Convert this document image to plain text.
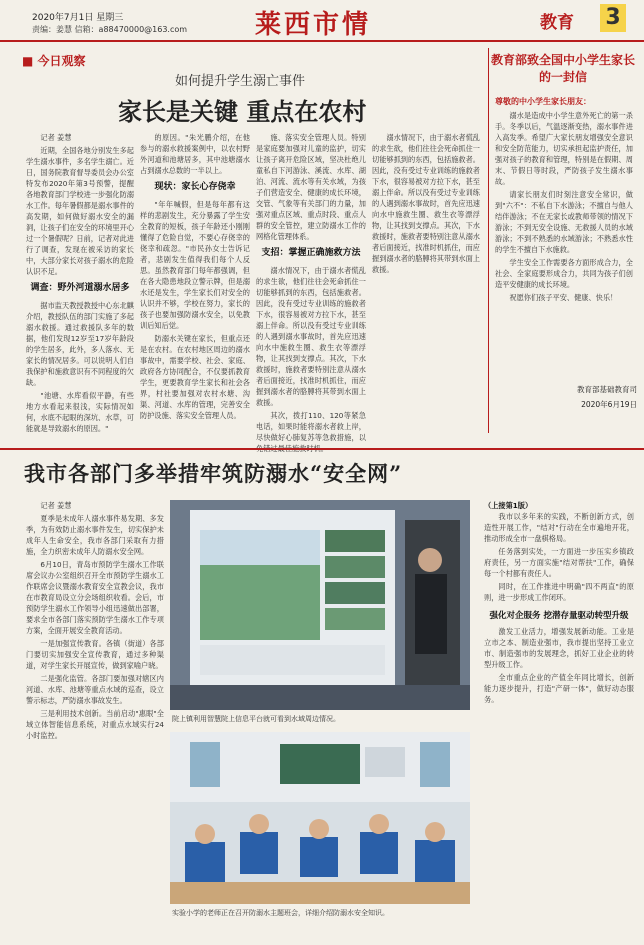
2020年7月1日 星期三
责编：姜慧 信箱：a88470000@163.com	莱西市情	教育 3
■ 今日观察
如何提升学生溺亡事件
家长是关键 重点在农村

记者 姜慧

近期，全国各地分别发生多起学生溺水事件，多名学生溺亡。近日，国务院教育督导委员会办公室特发布2020年第3号预警，提醒各地教育部门学校进一步强化防溺水工作。每年暑假都是溺水事件的高发期，如何做好溺水安全的漏洞，让孩子们在安全的环境里开心过一个暑假呢？日前，记者对此进行了调查，发现在被采访的家长中，大部分家长对孩子溺水的危险认识不足。

调查：野外河道溺水居多

据市监天教授教授中心东北麒介绍，教授队伍的部门实施了多起溺水救援。通过救援队多年的数据，他们发现12岁至17岁年龄段的学生居多，此外，多人落水、无家长的情况居多。可以说明人们自我保护和施救意识有不同程度的欠缺。

"池塘、水库看似平静，有些地方水看起来很浅，实际情况如何，水底不起眼的深坑、水草，可能就是导致溺水的原因。"

的原因。"朱光鹏介绍，在他参与的溺水救援案例中，以农村野外河道和池塘居多，其中池塘溺水占到溺水总数的一半以上。

现状：家长心存侥幸

"年年喊假，但是每年都有这样的悲剧发生，充分暴露了学生安全教育的短板，孩子年龄还小刚刚懂得了危险自觉，不要心存侥幸的侥幸和疏忽。"市民孙女士告诉记者，悲剧发生值得我们每个人反思。虽然教育部门每年都强调，但在各大隐患地段立警示牌，但是溺水还是发生，学生家长们对安全的认识并不够，学校在努力，家长的孩子也要加强防溺水安全，以免教训后知后觉。

防溺水关键在家长，但重点还是在农村。在农村地区周边的溺水事故中，需要学校、社会、家庭、政府各方协同配合，不仅要抓教育学生，更要教育学生家长和社会各界，村社要加强对农村水塘、沟渠、河道、水库的管理，完善安全防护设施、落实安全管理人员。

施、落实安全管理人员。特别是家庭要加强对儿童的监护，切实让孩子离开危险区域，坚决杜绝儿童私自下河游泳、溪流、水库、湖泊、河流、流水等有关水域，为孩子们营造安全、健康的成长环境，交管、气象等有关部门的力量，加强对重点区域、重点时段、重点人群的安全管控，建立防溺水工作的网格化管理体系。

支招：掌握正确施救方法

溺水情况下，由于溺水者慌乱的求生欲，他们往往会死命抓住一切能够抓到的东西，包括施救者。因此，没有受过专业训练的施救者下水，很容易被对方拉下水，甚至溺上伴命。所以没有受过专业训练的人遇到溺水事故时，首先应迅速向水中施救生圈、救生衣等漂浮物，让其找到支撑点。其次，下水救援时，施救者要特别注意从溺水者后面接近，找准时机抓住，而应握到溺水者的胳膊将其带到水面上救援。

其次，拨打110、120等紧急电话，如果时能将溺水者救上岸，尽快做好心肺复苏等急救措施，以

溺水情况下，由于溺水者慌乱的求生欲，他们往往会死命抓住一切能够抓到的东西，包括施救者。因此，没有受过专业训练的施救者下水，很容易被对方拉下水，甚至溺上伴命。所以没有受过专业训练的人遇到溺水事故时，首先应迅速向水中施救生圈、救生衣等漂浮物，让其找到支撑点。其次，下水救援时，施救者要特别注意从溺水者后面接近，找准时机抓住，而应握到溺水者的胳膊将其带到水面上救援。

教育部致全国中小学生家长的一封信
尊敬的中小学生家长朋友：

溺水是造成中小学生意外死亡的第一杀手。冬季以后，气温逐渐变热，溺水事件进入高发季。希望广大家长朋友增强安全意识和安全防范能力，切实承担起监护责任，加强对孩子的教育和管理，特别是在假期、周末、节假日等时段，严防孩子发生溺水事故。

请家长朋友们时刻注意安全常识，做到"六不"：不私自下水游泳；不擅自与他人结伴游泳；不在无家长或教师带领的情况下游泳；不到无安全设施、无救援人员的水域游泳；不到不熟悉的水域游泳；不熟悉水性的学生不擅自下水施救。

学生安全工作需要各方面形成合力，全社会、全家庭要形成合力，共同为孩子们创造平安健康的成长环境。

祝愿你们孩子平安、健康、快乐！

教育部基础教育司
2020年6月19日
我市各部门多举措牢筑防溺水“安全网”

记者 姜慧

夏季是未成年人溺水事件易发期、多发季，为有效防止溺水事件发生，切实保护未成年人生命安全，我市各部门采取有力措施，全力织密未成年人防溺水安全网。

6月10日，青岛市预防学生溺水工作联席会议办公室组织召开全市预防学生溺水工作联席会议暨溺水教育安全宣教会议，我市在市教育局设立分会场组织收看。会后，市预防学生溺水工作领导小组迅速做出部署，要求全市各部门落实预防学生溺水工作专项方案，全面开展安全教育活动。

一是加强宣传教育。各镇（街道）各部门要切实加强安全宣传教育，通过多种渠道，对学生家长开展宣传，做到家喻户晓。

二是强化监管。各部门要加强对辖区内河道、水库、池塘等重点水域的巡查，设立警示标志，严防溺水事故发生。

三是利用技术创新。当前启动"惠眼"全域立体智能信息系统，对重点水域实行24小时监控。

院上镇利用智慧院上信息平台就可看到水域周边情况。
实验小学的老师正在召开防溺水主题班会，详细介绍防溺水安全知识。
（上接第1版）

我市以多年来的实践，不断创新方式，创造性开展工作，"结对"行动在全市遍地开花，推动形成全市一盘棋格局。

任务落到实处，一方面进一步压实乡镇政府责任，另一方面实施"结对帮扶"工作，确保每一个村都有责任人。

同时，在工作推进中明确"四不两直"的原则，进一步形成工作闭环。

强化对企服务 挖潜存量驱动转型升级

激发工业活力，增强发展新动能。工业是立市之本、制造业强市，我市提出坚持工业立市、制造强市的发展理念，抓好工业企业的转型升级工作。

全市重点企业的产值全年同比增长，创新能力逐步提升，打造"产研一体"，做好动态服务。
